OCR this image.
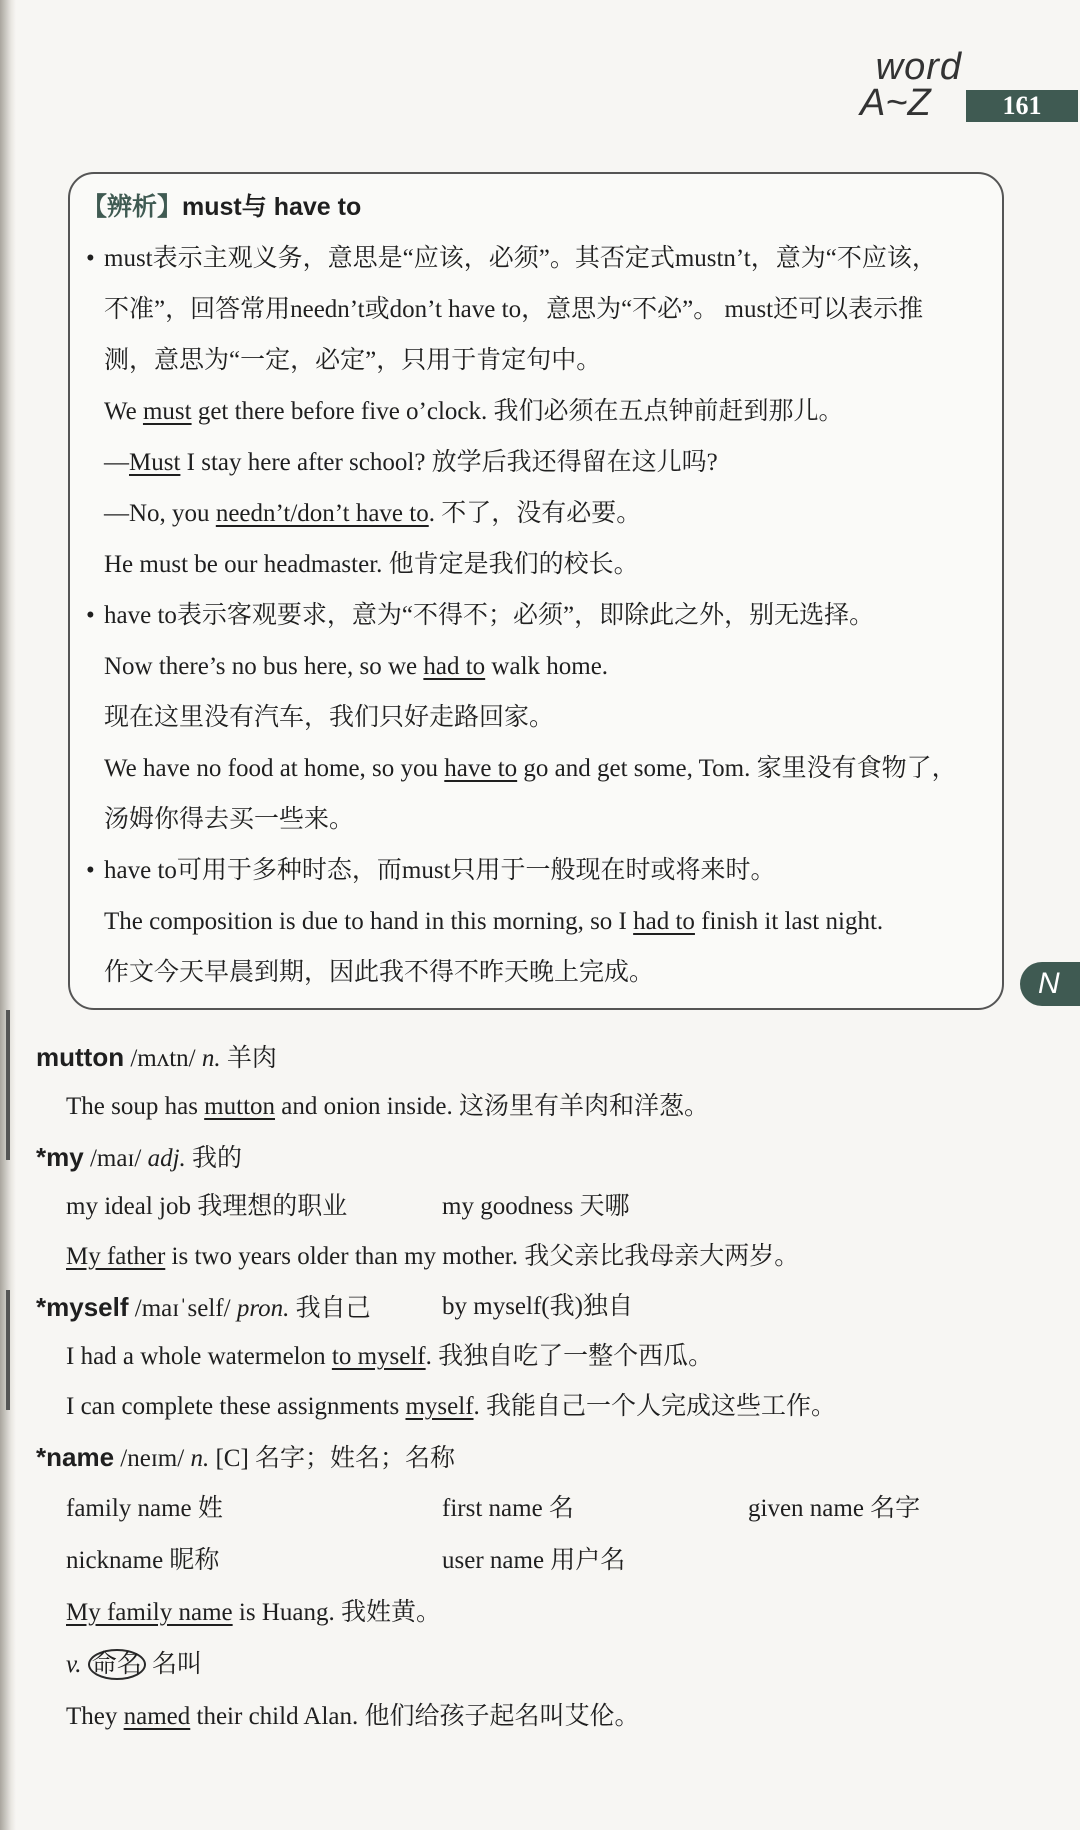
word
A~Z	161
【辨析】must与 have to
• must表示主观义务，意思是“应该，必须”。其否定式mustn’t，意为“不应该，
不准”，回答常用needn’t或don’t have to，意思为“不必”。 must还可以表示推
测，意思为“一定，必定”，只用于肯定句中。
We must get there before five o’clock. 我们必须在五点钟前赶到那儿。
—Must I stay here after school? 放学后我还得留在这儿吗?
—No, you needn’t/don’t have to. 不了，没有必要。
He must be our headmaster. 他肯定是我们的校长。
• have to表示客观要求，意为“不得不；必须”，即除此之外，别无选择。
Now there’s no bus here, so we had to walk home.
现在这里没有汽车，我们只好走路回家。
We have no food at home, so you have to go and get some, Tom. 家里没有食物了，
汤姆你得去买一些来。
• have to可用于多种时态，而must只用于一般现在时或将来时。
The composition is due to hand in this morning, so I had to finish it last night.
作文今天早晨到期，因此我不得不昨天晚上完成。	N
mutton /mʌtn/ n. 羊肉
The soup has mutton and onion inside. 这汤里有羊肉和洋葱。
*my /maɪ/ adj. 我的
my ideal job 我理想的职业	my goodness 天哪
My father is two years older than my mother. 我父亲比我母亲大两岁。
*myself /maɪˈself/ pron. 我自己	by myself(我)独自
I had a whole watermelon to myself. 我独自吃了一整个西瓜。
I can complete these assignments myself. 我能自己一个人完成这些工作。
*name /neɪm/ n. [C] 名字；姓名；名称
family name 姓	first name 名	given name 名字
nickname 昵称	user name 用户名
My family name is Huang. 我姓黄。
v. 命名 名叫
They named their child Alan. 他们给孩子起名叫艾伦。
